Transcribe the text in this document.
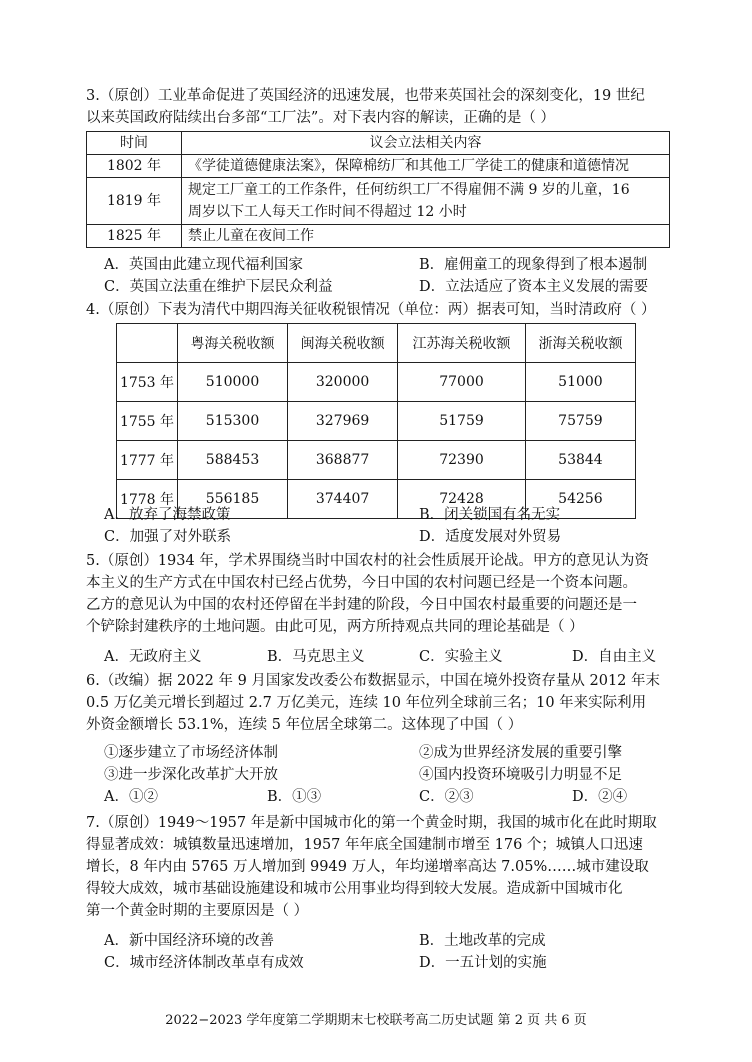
3.（原创）工业革命促进了英国经济的迅速发展，也带来英国社会的深刻变化，19 世纪
以来英国政府陆续出台多部“工厂法”。对下表内容的解读，正确的是（ ）
时间	议会立法相关内容
1802 年	《学徒道德健康法案》，保障棉纺厂和其他工厂学徒工的健康和道德情况
1819 年	规定工厂童工的工作条件，任何纺织工厂不得雇佣不满 9 岁的儿童，16
周岁以下工人每天工作时间不得超过 12 小时

1825 年	禁止儿童在夜间工作
A．英国由此建立现代福利国家	B．雇佣童工的现象得到了根本遏制
C．英国立法重在维护下层民众利益	D．立法适应了资本主义发展的需要
4.（原创）下表为清代中期四海关征收税银情况（单位：两）据表可知，当时清政府（ ）
	粤海关税收额	闽海关税收额	江苏海关税收额	浙海关税收额
1753 年	510000	320000	77000	51000
1755 年	515300	327969	51759	75759
1777 年	588453	368877	72390	53844
1778 年	556185	374407	72428	54256
A．放弃了海禁政策	B．闭关锁国有名无实
C．加强了对外联系	D．适度发展对外贸易
5.（原创）1934 年，学术界围绕当时中国农村的社会性质展开论战。甲方的意见认为资
本主义的生产方式在中国农村已经占优势，今日中国的农村问题已经是一个资本问题。
乙方的意见认为中国的农村还停留在半封建的阶段，今日中国农村最重要的问题还是一
个铲除封建秩序的土地问题。由此可见，两方所持观点共同的理论基础是（ ）
A．无政府主义	B．马克思主义	C．实验主义	D．自由主义
6.（改编）据 2022 年 9 月国家发改委公布数据显示，中国在境外投资存量从 2012 年末
0.5 万亿美元增长到超过 2.7 万亿美元，连续 10 年位列全球前三名；10 年来实际利用
外资金额增长 53.1%，连续 5 年位居全球第二。这体现了中国（ ）
①逐步建立了市场经济体制	②成为世界经济发展的重要引擎
③进一步深化改革扩大开放	④国内投资环境吸引力明显不足
A．①②	B．①③	C．②③	D．②④
7.（原创）1949～1957 年是新中国城市化的第一个黄金时期，我国的城市化在此时期取
得显著成效：城镇数量迅速增加，1957 年年底全国建制市增至 176 个；城镇人口迅速
增长，8 年内由 5765 万人增加到 9949 万人，年均递增率高达 7.05%……城市建设取
得较大成效，城市基础设施建设和城市公用事业均得到较大发展。造成新中国城市化
第一个黄金时期的主要原因是（ ）
A．新中国经济环境的改善	B．土地改革的完成
C．城市经济体制改革卓有成效	D．一五计划的实施
2022−2023 学年度第二学期期末七校联考高二历史试题 第 2 页 共 6 页
